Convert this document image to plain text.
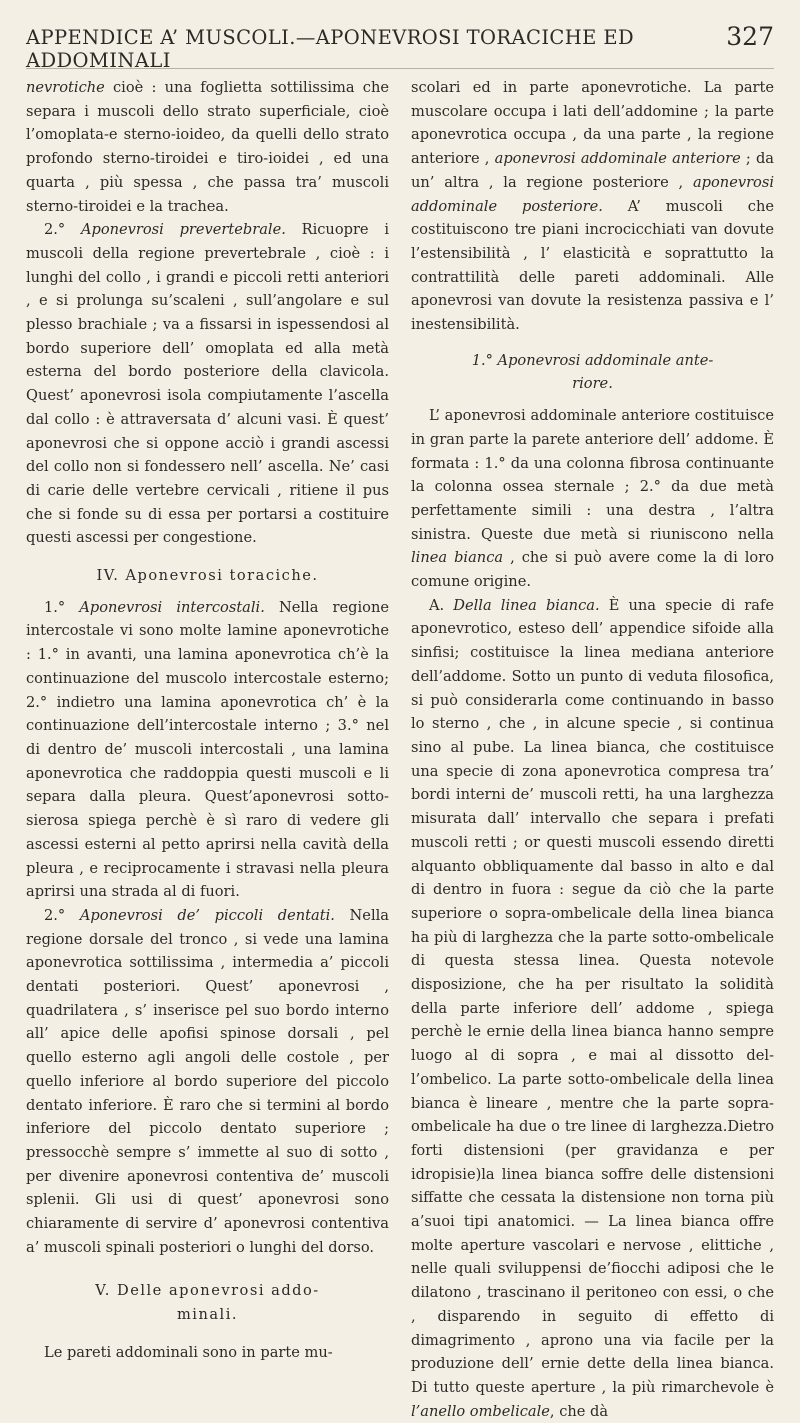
APPENDICE A’ MUSCOLI.—APONEVROSI TORACICHE ED ADDOMINALI
327

nevrotiche cioè : una foglietta sottilissima che separa i muscoli dello strato superficiale, cioè l’omoplata-e sterno-ioideo, da quelli dello strato profondo sterno-tiroidei e tiro-ioidei , ed una quarta , più spessa , che passa tra’ muscoli sterno-tiroidei e la trachea.

2.° Aponevrosi prevertebrale. Ricuopre i muscoli della regione prevertebrale , cioè : i lunghi del collo , i grandi e piccoli retti anteriori , e si prolunga su’scaleni , sull’angolare e sul plesso brachiale ; va a fissarsi in ispessendosi al bordo superiore dell’ omoplata ed alla metà esterna del bordo posteriore della clavicola. Quest’ aponevrosi isola compiutamente l’ascella dal collo : è attraversata d’ alcuni vasi. È quest’ aponevrosi che si oppone acciò i grandi ascessi del collo non si fondessero nell’ ascella. Ne’ casi di carie delle vertebre cervicali , ritiene il pus che si fonde su di essa per portarsi a costituire questi ascessi per congestione.

IV. Aponevrosi toraciche.

1.° Aponevrosi intercostali. Nella regione intercostale vi sono molte lamine aponevrotiche : 1.° in avanti, una lamina aponevrotica ch’è la continuazione del muscolo intercostale esterno; 2.° indietro una lamina aponevrotica ch’ è la continuazione dell’intercostale interno ; 3.° nel di dentro de’ muscoli intercostali , una lamina aponevrotica che raddoppia questi muscoli e li separa dalla pleura. Quest’aponevrosi sotto-sierosa spiega perchè è sì raro di vedere gli ascessi esterni al petto aprirsi nella cavità della pleura , e reciprocamente i stravasi nella pleura aprirsi una strada al di fuori.

2.° Aponevrosi de’ piccoli dentati. Nella regione dorsale del tronco , si vede una lamina aponevrotica sottilissima , intermedia a’ piccoli dentati posteriori. Quest’ aponevrosi , quadrilatera , s’ inserisce pel suo bordo interno all’ apice delle apofisi spinose dorsali , pel quello esterno agli angoli delle costole , per quello inferiore al bordo superiore del piccolo dentato inferiore. È raro che si termini al bordo inferiore del piccolo dentato superiore ; pressocchè sempre s’ immette al suo di sotto , per divenire aponevrosi contentiva de’ muscoli splenii. Gli usi di quest’ aponevrosi sono chiaramente di servire d’ aponevrosi contentiva a’ muscoli spinali posteriori o lunghi del dorso.

V. Delle aponevrosi addo-
minali.

Le pareti addominali sono in parte mu-

scolari ed in parte aponevrotiche. La parte muscolare occupa i lati dell’addomine ; la parte aponevrotica occupa , da una parte , la regione anteriore , aponevrosi addominale anteriore ; da un’ altra , la regione posteriore , aponevrosi addominale posteriore. A’ muscoli che costituiscono tre piani incrocicchiati van dovute l’estensibilità , l’ elasticità e soprattutto la contrattilità delle pareti addominali. Alle aponevrosi van dovute la resistenza passiva e l’ inestensibilità.

1.° Aponevrosi addominale ante-
riore.

L’ aponevrosi addominale anteriore costituisce in gran parte la parete anteriore dell’ addome. È formata : 1.° da una colonna fibrosa continuante la colonna ossea sternale ; 2.° da due metà perfettamente simili : una destra , l’altra sinistra. Queste due metà si riuniscono nella linea bianca , che si può avere come la di loro comune origine.

A. Della linea bianca. È una specie di rafe aponevrotico, esteso dell’ appendice sifoide alla sinfisi; costituisce la linea mediana anteriore dell’addome. Sotto un punto di veduta filosofica, si può considerarla come continuando in basso lo sterno , che , in alcune specie , si continua sino al pube. La linea bianca, che costituisce una specie di zona aponevrotica compresa tra’ bordi interni de’ muscoli retti, ha una larghezza misurata dall’ intervallo che separa i prefati muscoli retti ; or questi muscoli essendo diretti alquanto obbliquamente dal basso in alto e dal di dentro in fuora : segue da ciò che la parte superiore o sopra-ombelicale della linea bianca ha più di larghezza che la parte sotto-ombelicale di questa stessa linea. Questa notevole disposizione, che ha per risultato la solidità della parte inferiore dell’ addome , spiega perchè le ernie della linea bianca hanno sempre luogo al di sopra , e mai al dissotto del-l’ombelico. La parte sotto-ombelicale della linea bianca è lineare , mentre che la parte sopra-ombelicale ha due o tre linee di larghezza.Dietro forti distensioni (per gravidanza e per idropisie)la linea bianca soffre delle distensioni siffatte che cessata la distensione non torna più a’suoi tipi anatomici. — La linea bianca offre molte aperture vascolari e nervose , elittiche , nelle quali sviluppensi de’fiocchi adiposi che le dilatono , trascinano il peritoneo con essi, o che , disparendo in seguito di effetto di dimagrimento , aprono una via facile per la produzione dell’ ernie dette della linea bianca. Di tutto queste aperture , la più rimarchevole è l’anello ombelicale, che dà
